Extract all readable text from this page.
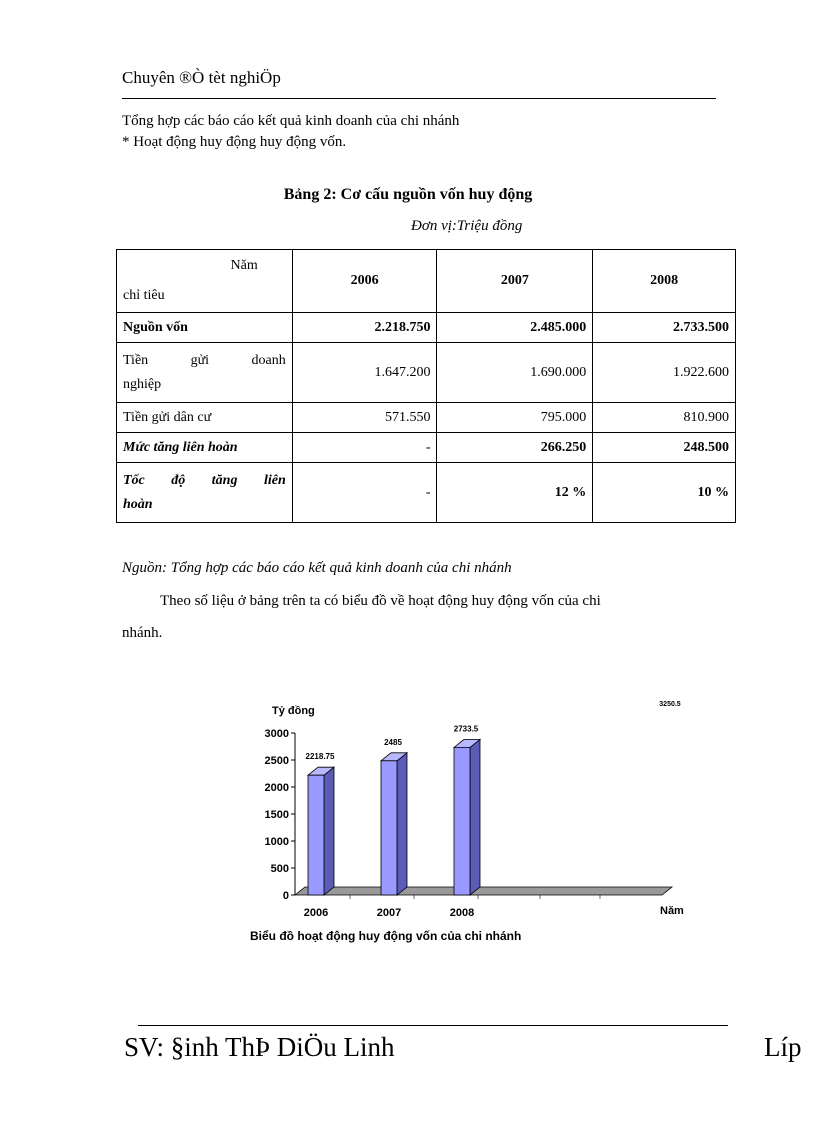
Chuyên ®Ò tèt nghiÖp
Tổng hợp các báo cáo kết quả kinh doanh của chi nhánh
* Hoạt động huy động huy động vốn.
Bảng 2: Cơ cấu nguồn vốn huy động
Đơn vị:Triệu đồng
Năm
chỉ tiêu	2006	2007	2008
Nguồn vốn	2.218.750	2.485.000	2.733.500

Tiền gửi doanh
nghiệp	1.647.200	1.690.000	1.922.600
Tiền gửi dân cư	571.550	795.000	810.900
Mức tăng liên hoàn	-	266.250	248.500

Tốc độ tăng liên
hoàn	-	12 %	10 %
Nguồn: Tổng hợp các báo cáo kết quả kinh doanh của chi nhánh
Theo số liệu ở bảng trên ta có biểu đồ về hoạt động huy động vốn của chi
nhánh.
Tỷ đồng
3250.5
0
500
1000
1500
2000
2500
3000
2218.75
2006
2485
2007
2733.5
2008	Năm
Biểu đồ hoạt động huy động vốn của chi nhánh
SV: §inh ThÞ DiÖu Linh	Líp
